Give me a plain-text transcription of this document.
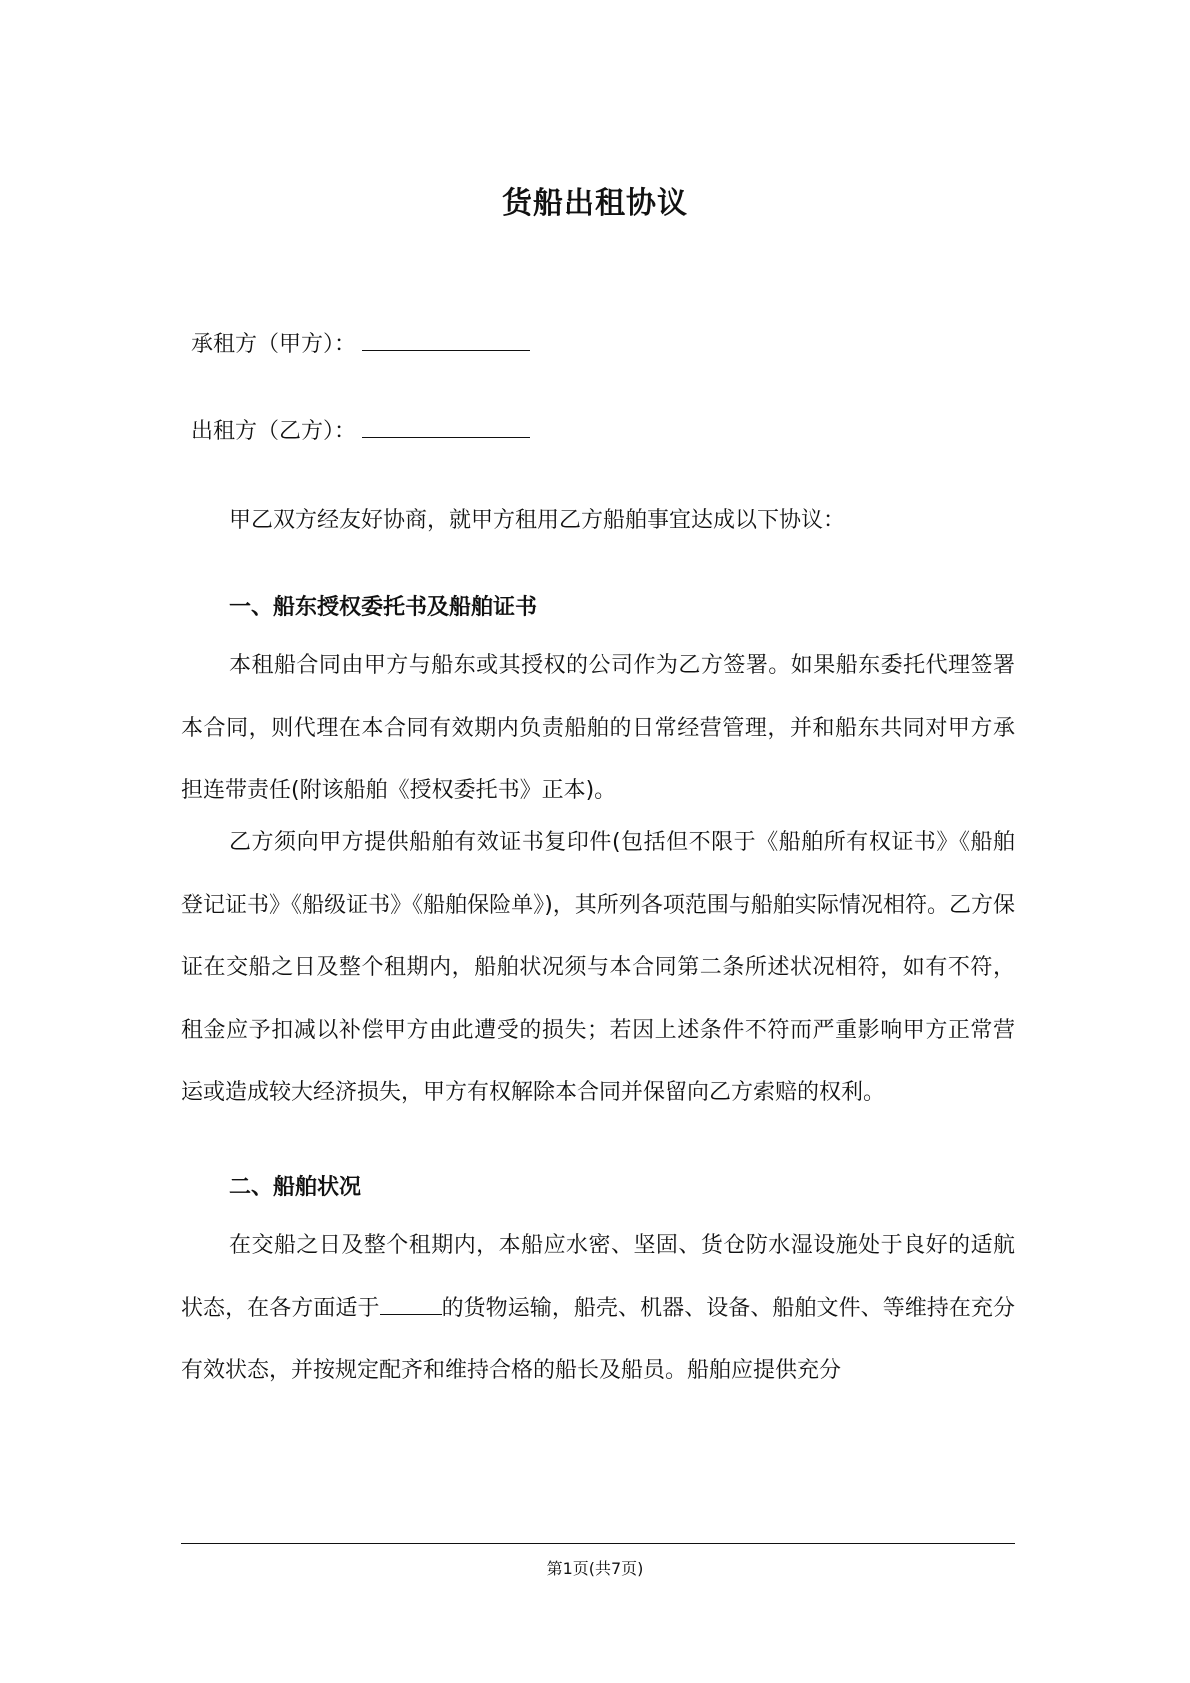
货船出租协议
承租方（甲方）：
出租方（乙方）：

甲乙双方经友好协商，就甲方租用乙方船舶事宜达成以下协议：

一、船东授权委托书及船舶证书

本租船合同由甲方与船东或其授权的公司作为乙方签署。如果船东委托代理签署本合同，则代理在本合同有效期内负责船舶的日常经营管理，并和船东共同对甲方承担连带责任(附该船舶《授权委托书》正本)。

乙方须向甲方提供船舶有效证书复印件(包括但不限于《船舶所有权证书》《船舶登记证书》《船级证书》《船舶保险单》)，其所列各项范围与船舶实际情况相符。乙方保证在交船之日及整个租期内，船舶状况须与本合同第二条所述状况相符，如有不符，租金应予扣减以补偿甲方由此遭受的损失；若因上述条件不符而严重影响甲方正常营运或造成较大经济损失，甲方有权解除本合同并保留向乙方索赔的权利。

二、船舶状况

在交船之日及整个租期内，本船应水密、坚固、货仓防水湿设施处于良好的适航状态，在各方面适于	的货物运输，船壳、机器、设备、船舶文件、等维持在充分有效状态，并按规定配齐和维持合格的船长及船员。船舶应提供充分

第1页(共7页)
